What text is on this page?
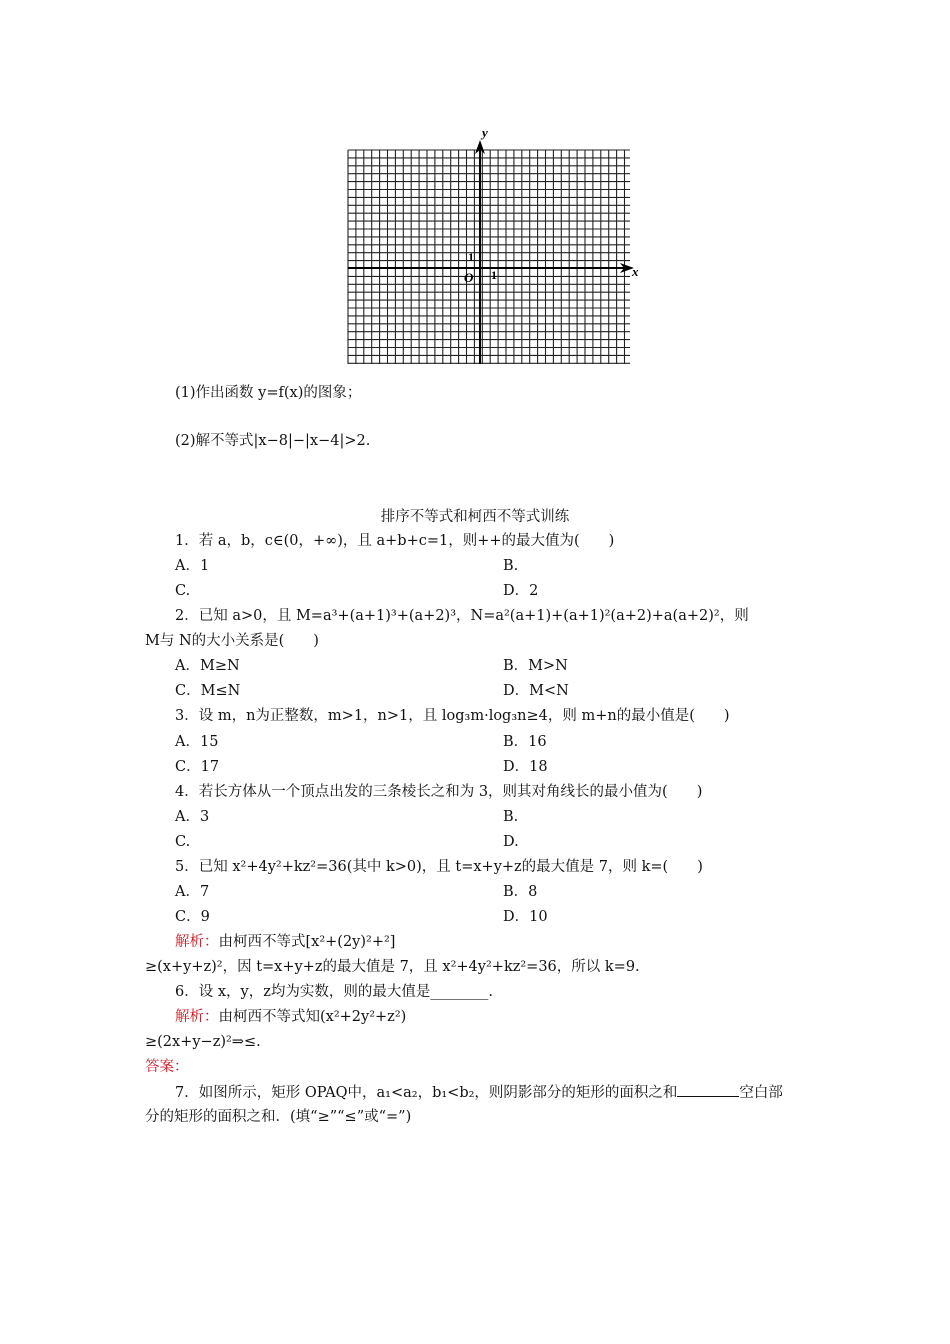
y
x
O 1
1
(1)作出函数 y=f(x)的图象；
(2)解不等式|x−8|−|x−4|>2.
排序不等式和柯西不等式训练
1．若 a，b，c∈(0，+∞)，且 a+b+c=1，则++的最大值为(　　)
A．1	B.
C.	D．2
2．已知 a>0，且 M=a³+(a+1)³+(a+2)³，N=a²(a+1)+(a+1)²(a+2)+a(a+2)²，则
M与 N的大小关系是(　　)
A．M≥N	B．M>N
C．M≤N	D．M<N
3．设 m，n为正整数，m>1，n>1，且 log₃m·log₃n≥4，则 m+n的最小值是(　　)
A．15	B．16
C．17	D．18
4．若长方体从一个顶点出发的三条棱长之和为 3，则其对角线长的最小值为(　　)
A．3	B.
C.	D.
5．已知 x²+4y²+kz²=36(其中 k>0)，且 t=x+y+z的最大值是 7，则 k=(　　)
A．7	B．8
C．9	D．10
解析：由柯西不等式[x²+(2y)²+²]
≥(x+y+z)²，因 t=x+y+z的最大值是 7，且 x²+4y²+kz²=36，所以 k=9.
6．设 x，y，z均为实数，则的最大值是________.
解析：由柯西不等式知(x²+2y²+z²)
≥(2x+y−z)²⇒≤.
答案：
7．如图所示，矩形 OPAQ中，a₁<a₂，b₁<b₂，则阴影部分的矩形的面积之和	空白部
分的矩形的面积之和．(填“≥”“≤”或“=”)
